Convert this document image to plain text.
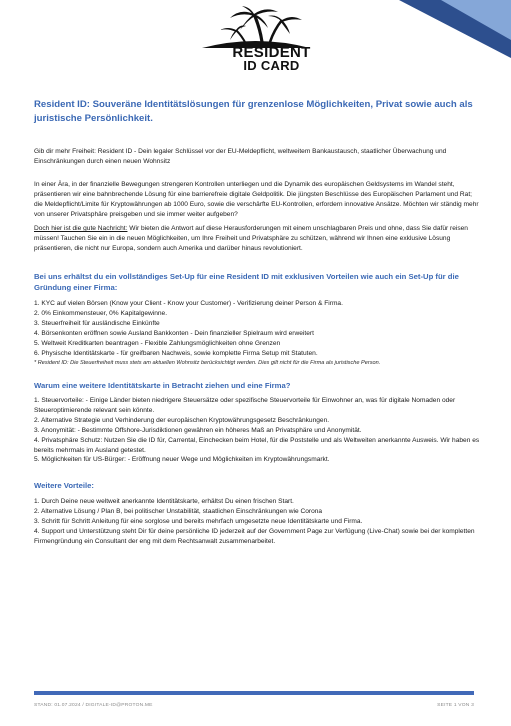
RESIDENT
ID CARD
Resident ID: Souveräne Identitätslösungen für grenzenlose Möglichkeiten, Privat sowie auch als juristische Persönlichkeit.

Gib dir mehr Freiheit: Resident ID - Dein legaler Schlüssel vor der EU-Meldepflicht, weltweitem Bankaustausch, staatlicher Überwachung und Einschränkungen durch einen neuen Wohnsitz

In einer Ära, in der finanzielle Bewegungen strengeren Kontrollen unterliegen und die Dynamik des europäischen Geldsystems im Wandel steht, präsentieren wir eine bahnbrechende Lösung für eine barrierefreie digitale Geldpolitik. Die jüngsten Beschlüsse des Europäischen Parlament und Rat; die Meldepflicht/Limite für Kryptowährungen ab 1000 Euro, sowie die verschärfte EU-Kontrollen, erfordern innovative Ansätze. Möchten wir ständig mehr von unserer Privatsphäre preisgeben und sie immer weiter aufgeben?

Doch hier ist die gute Nachricht: Wir bieten die Antwort auf diese Herausforderungen mit einem unschlagbaren Preis und ohne, dass Sie dafür reisen müssen! Tauchen Sie ein in die neuen Möglichkeiten, um Ihre Freiheit und Privatsphäre zu schützen, während wir Ihnen eine exklusive Lösung präsentieren, die nicht nur Europa, sondern auch Amerika und darüber hinaus revolutioniert.

Bei uns erhältst du ein vollständiges Set-Up für eine Resident ID mit exklusiven Vorteilen wie auch ein Set-Up für die Gründung einer Firma:
1. KYC auf vielen Börsen (Know your Client - Know your Customer) - Verifizierung deiner Person & Firma.
2. 0% Einkommensteuer, 0% Kapitalgewinne.
3. Steuerfreiheit für ausländische Einkünfte
4. Börsenkonten eröffnen sowie Ausland Bankkonten - Dein finanzieller Spielraum wird erweitert
5. Weltweit Kreditkarten beantragen - Flexible Zahlungsmöglichkeiten ohne Grenzen
6. Physische Identitätskarte - für greifbaren Nachweis, sowie komplette Firma Setup mit Statuten.
* Resident ID: Die Steuerfreiheit muss stets am aktuellen Wohnsitz berücksichtigt werden. Dies gilt nicht für die Firma als juristische Person.
Warum eine weitere Identitätskarte in Betracht ziehen und eine Firma?
1. Steuervorteile: - Einige Länder bieten niedrigere Steuersätze oder spezifische Steuervorteile für Einwohner an, was für digitale Nomaden oder Steueroptimierende relevant sein könnte.
2. Alternative Strategie und Verhinderung der europäischen Kryptowährungsgesetz Beschränkungen.
3. Anonymität: - Bestimmte Offshore-Jurisdiktionen gewähren ein höheres Maß an Privatsphäre und Anonymität.
4. Privatsphäre Schutz: Nutzen Sie die ID für, Carrental, Einchecken beim Hotel, für die Poststelle und als Weltweiten anerkannte Ausweis. Wir haben es bereits mehrmals im Ausland getestet.
5. Möglichkeiten für US-Bürger: - Eröffnung neuer Wege und Möglichkeiten im Kryptowährungsmarkt.
Weitere Vorteile:
1. Durch Deine neue weltweit anerkannte Identitätskarte, erhältst Du einen frischen Start.
2. Alternative Lösung / Plan B, bei politischer Unstabilität, staatlichen Einschränkungen wie Corona
3. Schritt für Schritt Anleitung für eine sorglose und bereits mehrfach umgesetzte neue Identitätskarte und Firma.
4. Support und Unterstützung steht Dir für deine persönliche ID jederzeit auf der Government Page zur Verfügung (Live-Chat) sowie bei der kompletten Firmengründung ein Consultant der eng mit dem Rechtsanwalt zusammenarbeitet.
STAND: 01.07.2024 / DIGITALE-ID@PROTON.ME	SEITE 1 VON 3
